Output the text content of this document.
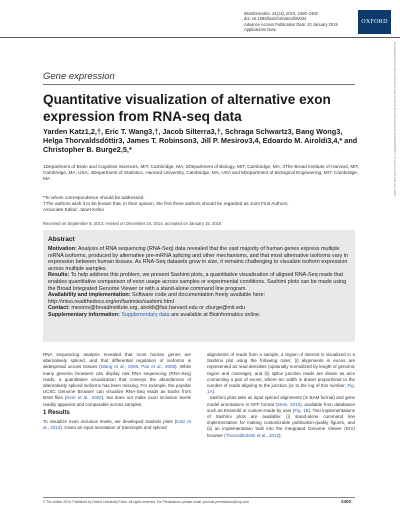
Bioinformatics, 31(14), 2015, 2400–2402
doi: 10.1093/bioinformatics/btv034
Advance Access Publication Date: 22 January 2015
Applications Note
OXFORD
Downloaded from https://academic.oup.com/bioinformatics/article/31/14/2400/255677 by guest on 03 February 2022
Gene expression
Quantitative visualization of alternative exon expression from RNA-seq data
Yarden Katz1,2,†, Eric T. Wang3,†, Jacob Silterra3,†, Schraga Schwartz3, Bang Wong3, Helga Thorvaldsdóttir3, James T. Robinson3, Jill P. Mesirov3,4, Edoardo M. Airoldi3,4,* and Christopher B. Burge2,5,*
1Department of Brain and Cognitive Sciences, MIT, Cambridge, MA, 2Department of Biology, MIT, Cambridge, MA, 3The Broad Institute of Harvard, MIT, Cambridge, MA, USA, 4Department of Statistics, Harvard University, Cambridge, MA, USA and 5Department of Biological Engineering, MIT, Cambridge, MA
*To whom correspondence should be addressed.
†The authors wish it to be known that, in their opinion, the first three authors should be regarded as Joint First Authors.
Associate Editor: Janet Kelso
Received on September 8, 2014; revised on December 24, 2014; accepted on January 15, 2015
Abstract

Motivation: Analysis of RNA sequencing (RNA-Seq) data revealed that the vast majority of human genes express multiple mRNA isoforms, produced by alternative pre-mRNA splicing and other mechanisms, and that most alternative isoforms vary in expression between human tissues. As RNA-Seq datasets grow in size, it remains challenging to visualize isoform expression across multiple samples.

Results: To help address this problem, we present Sashimi plots, a quantitative visualization of aligned RNA-Seq reads that enables quantitative comparison of exon usage across samples or experimental conditions. Sashimi plots can be made using the Broad Integrated Genome Viewer or with a stand-alone command line program.

Availability and implementation: Software code and documentation freely available here: http://miso.readthedocs.org/en/fastmiso/sashimi.html

Contact: mesirov@broadinstitute.org, airoldi@fas.harvard.edu or cburge@mit.edu

Supplementary information: Supplementary data are available at Bioinformatics online.

RNA sequencing analysis revealed that most human genes are alternatively spliced, and that differential regulation of isoforms is widespread across tissues (Wang et al., 2008, Pan et al., 2008). While many genome browsers can display raw RNA sequencing (RNA-Seq) reads, a quantitative visualization that conveys the abundances of alternatively spliced isoforms has been missing. For example, the popular UCSC Genome Browser can visualize RNA-Seq reads as tracks from BAM files (Kent et al., 2002), but does not make exon inclusion levels readily apparent and comparable across samples.

1 Results

To visualize exon inclusion levels, we developed Sashimi plots (Katz et al., 2013). Given an input annotation of transcripts and spliced

alignments of reads from a sample, a region of interest is visualized in a Sashimi plot using the following rules: (i) alignments in exons are represented as read densities (optionally normalized by length of genomic region and coverage), and (ii) splice junction reads are drawn as arcs connecting a pair of exons, where arc width is drawn proportional to the number of reads aligning to the junction (or to the log of this number; Fig. 1A).

Sashimi plots take as input spliced alignments (in BAM format) and gene model annotations in GFF format (Stein, 2010), available from databases such as Ensembl or custom-made by user (Fig. 1B). Two implementations of Sashimi plots are available: (i) stand-alone command line implementation for making customizable publication-quality figures, and (ii) an implementation built into the Integrated Genome Viewer (IGV) browser (Thorvaldsdóttir et al., 2013),

© The Author 2015. Published by Oxford University Press. All rights reserved. For Permissions, please email: journals.permissions@oup.com	2400
